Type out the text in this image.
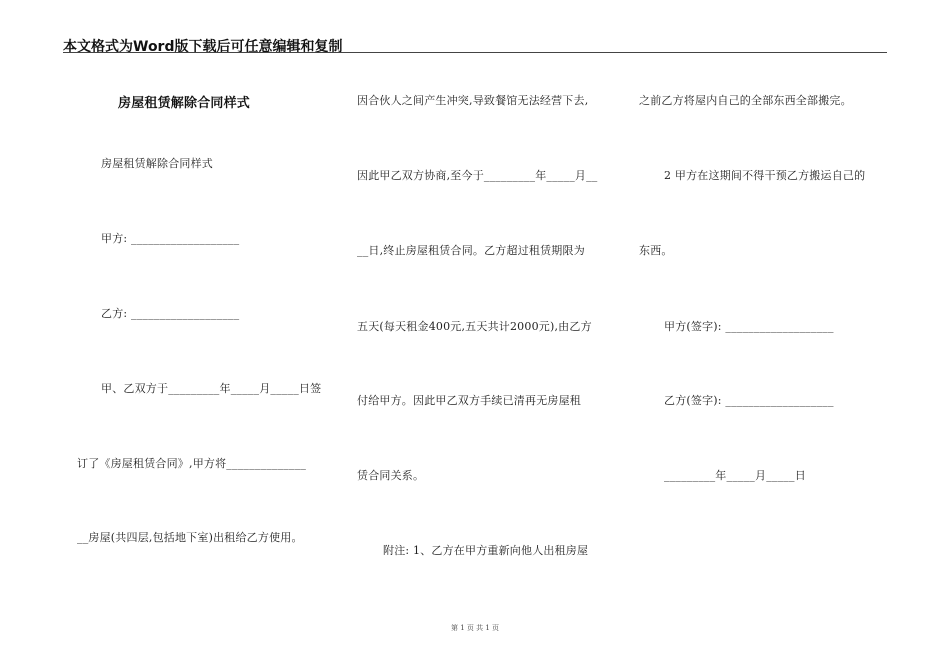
本文格式为Word版下载后可任意编辑和复制
房屋租赁解除合同样式
房屋租赁解除合同样式
甲方: ___________________
乙方: ___________________
甲、乙双方于_________年_____月_____日签
订了《房屋租赁合同》,甲方将______________
__房屋(共四层,包括地下室)出租给乙方使用。
因合伙人之间产生冲突,导致餐馆无法经营下去,
因此甲乙双方协商,至今于_________年_____月__
__日,终止房屋租赁合同。乙方超过租赁期限为
五天(每天租金400元,五天共计2000元),由乙方
付给甲方。因此甲乙双方手续已清再无房屋租
赁合同关系。
附注: 1、乙方在甲方重新向他人出租房屋
之前乙方将屋内自己的全部东西全部搬完。
2 甲方在这期间不得干预乙方搬运自己的
东西。
甲方(签字): ___________________
乙方(签字): ___________________
_________年_____月_____日
第 1 页 共 1 页
